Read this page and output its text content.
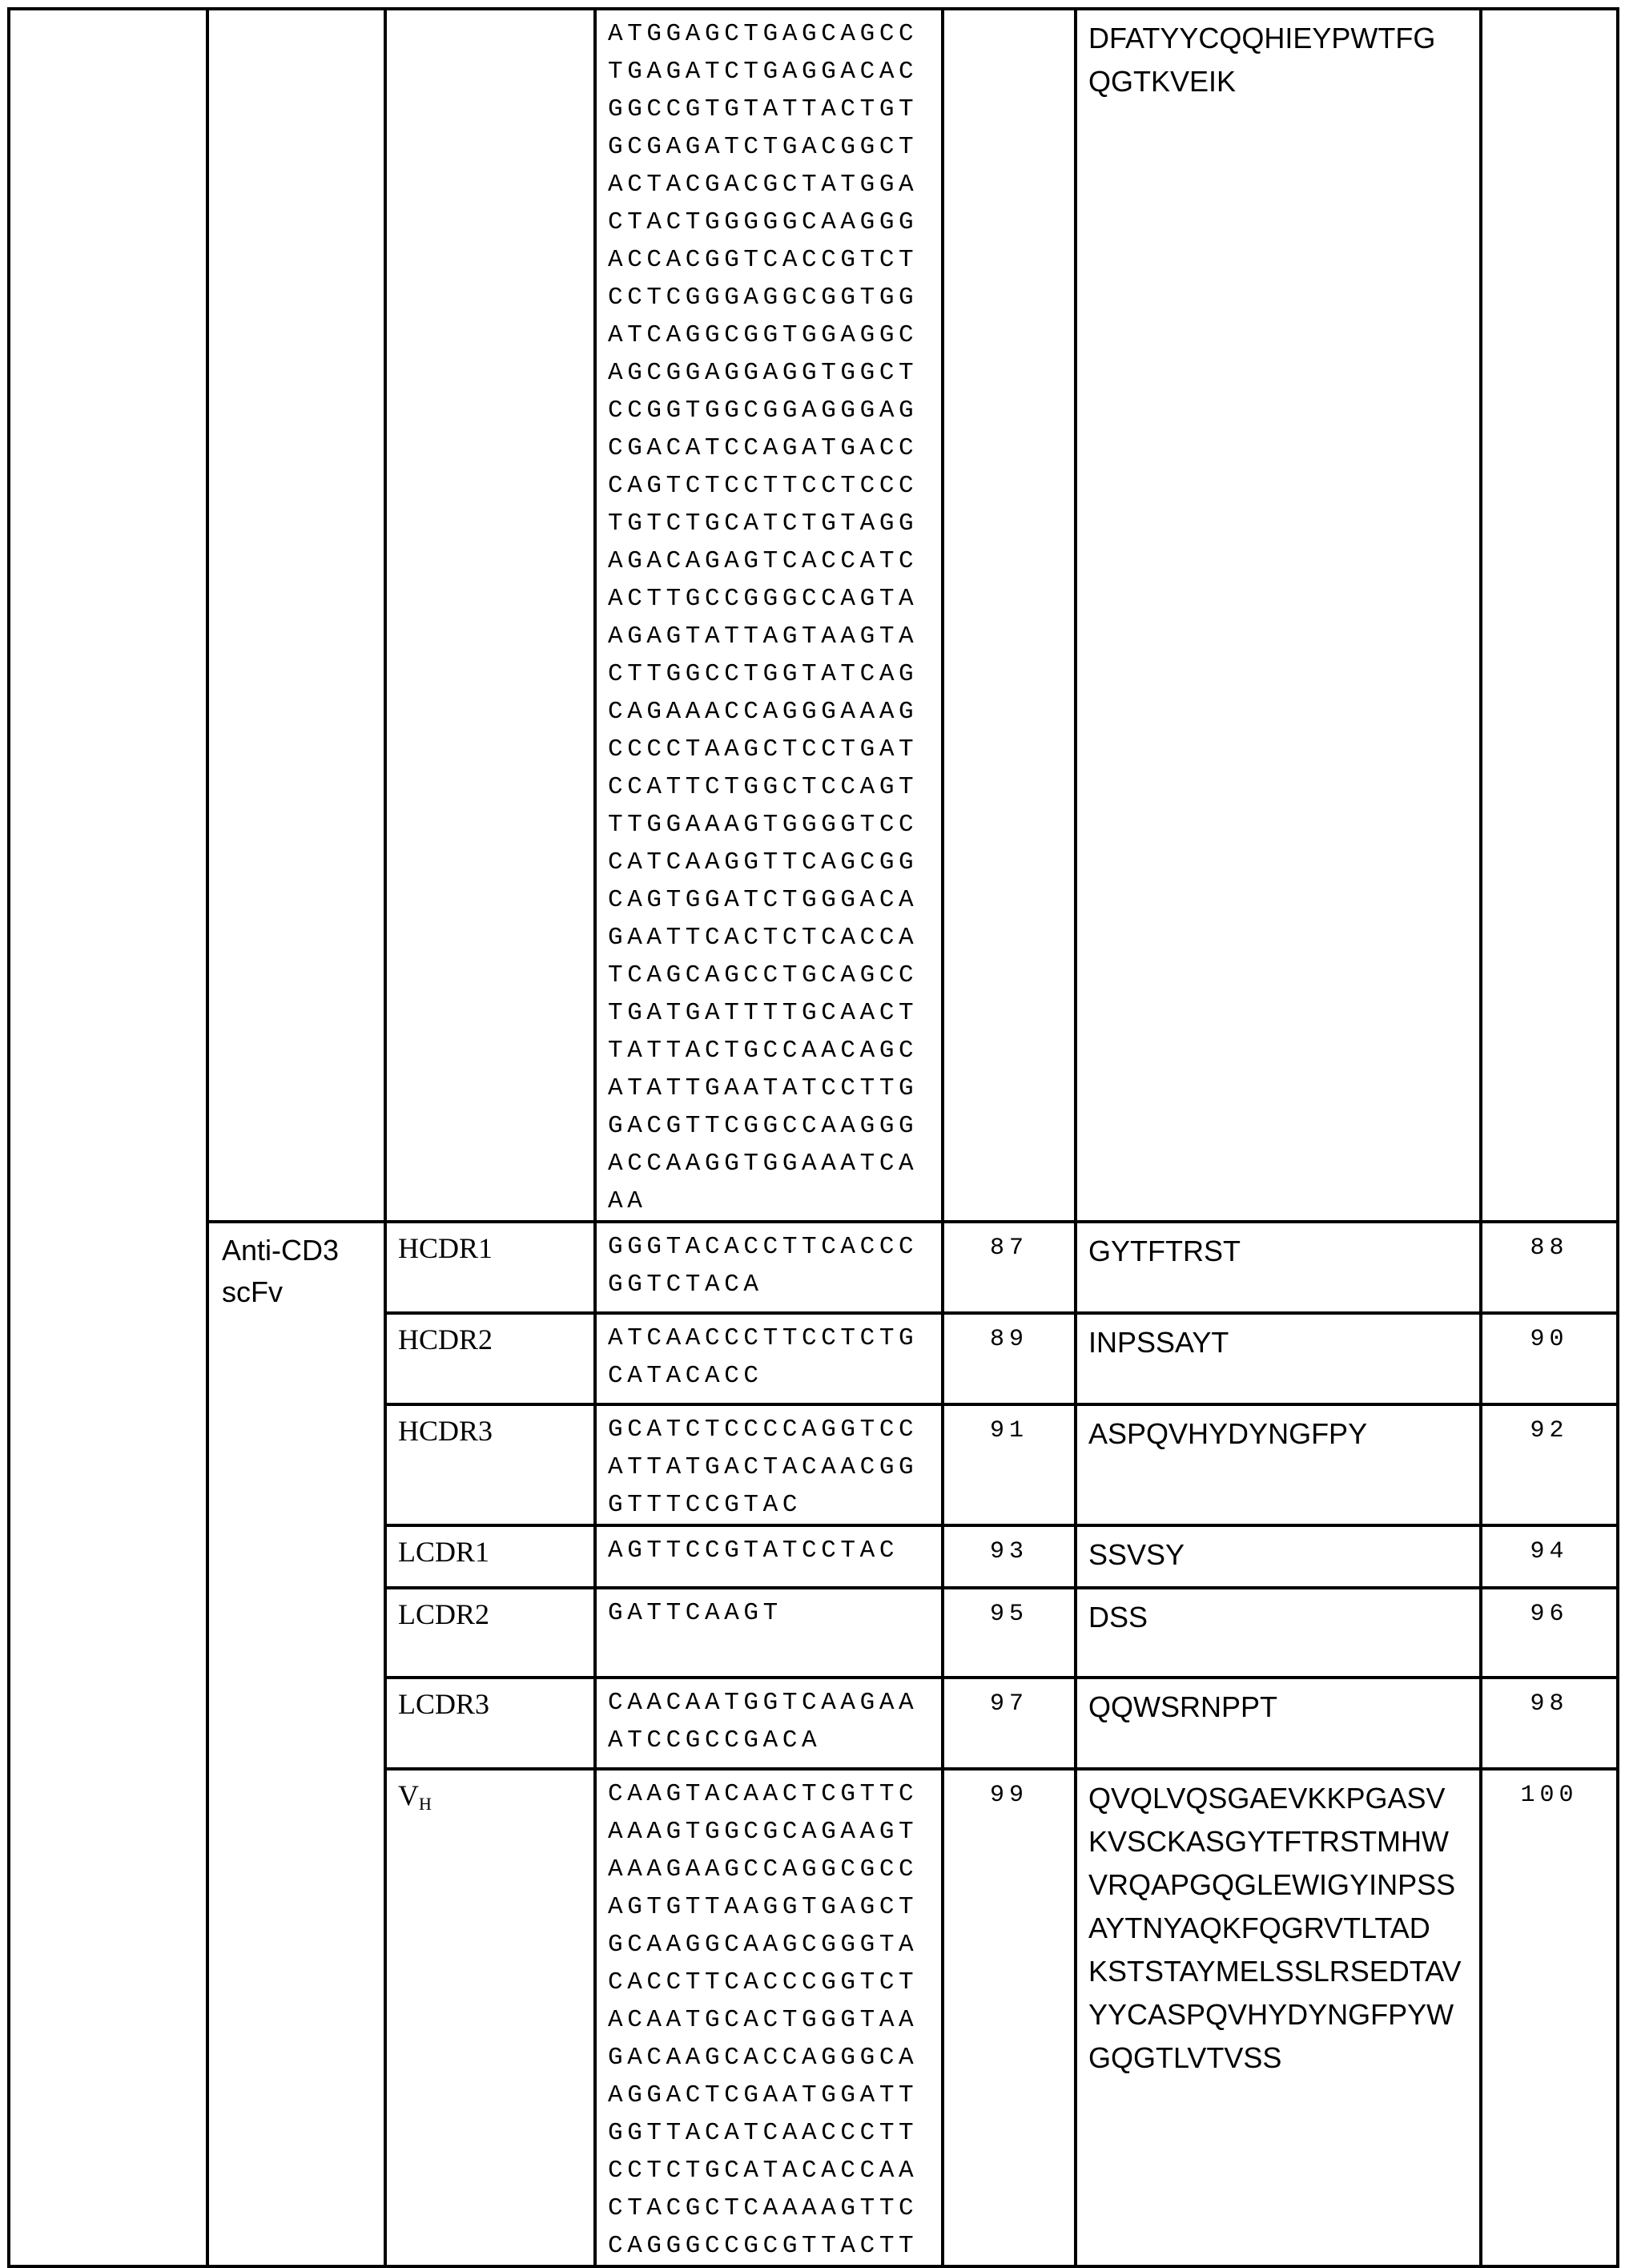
			ATGGAGCTGAGCAGCC
TGAGATCTGAGGACAC
GGCCGTGTATTACTGT
GCGAGATCTGACGGCT
ACTACGACGCTATGGA
CTACTGGGGGCAAGGG
ACCACGGTCACCGTCT
CCTCGGGAGGCGGTGG
ATCAGGCGGTGGAGGC
AGCGGAGGAGGTGGCT
CCGGTGGCGGAGGGAG
CGACATCCAGATGACC
CAGTCTCCTTCCTCCC
TGTCTGCATCTGTAGG
AGACAGAGTCACCATC
ACTTGCCGGGCCAGTA
AGAGTATTAGTAAGTA
CTTGGCCTGGTATCAG
CAGAAACCAGGGAAAG
CCCCTAAGCTCCTGAT
CCATTCTGGCTCCAGT
TTGGAAAGTGGGGTCC
CATCAAGGTTCAGCGG
CAGTGGATCTGGGACA
GAATTCACTCTCACCA
TCAGCAGCCTGCAGCC
TGATGATTTTGCAACT
TATTACTGCCAACAGC
ATATTGAATATCCTTG
GACGTTCGGCCAAGGG
ACCAAGGTGGAAATCA
AA		DFATYYCQQHIEYPWTFG
QGTKVEIK	
Anti-CD3
scFv	HCDR1	GGGTACACCTTCACCC
GGTCTACA	87	GYTFTRST	88
HCDR2	ATCAACCCTTCCTCTG
CATACACC	89	INPSSAYT	90
HCDR3	GCATCTCCCCAGGTCC
ATTATGACTACAACGG
GTTTCCGTAC	91	ASPQVHYDYNGFPY	92
LCDR1	AGTTCCGTATCCTAC	93	SSVSY	94
LCDR2	GATTCAAGT	95	DSS	96
LCDR3	CAACAATGGTCAAGAA
ATCCGCCGACA	97	QQWSRNPPT	98
VH	CAAGTACAACTCGTTC
AAAGTGGCGCAGAAGT
AAAGAAGCCAGGCGCC
AGTGTTAAGGTGAGCT
GCAAGGCAAGCGGGTA
CACCTTCACCCGGTCT
ACAATGCACTGGGTAA
GACAAGCACCAGGGCA
AGGACTCGAATGGATT
GGTTACATCAACCCTT
CCTCTGCATACACCAA
CTACGCTCAAAAGTTC
CAGGGCCGCGTTACTT	99	QVQLVQSGAEVKKPGASV
KVSCKASGYTFTRSTMHW
VRQAPGQGLEWIGYINPSS
AYTNYAQKFQGRVTLTAD
KSTSTAYMELSSLRSEDTAV
YYCASPQVHYDYNGFPYW
GQGTLVTVSS	100
